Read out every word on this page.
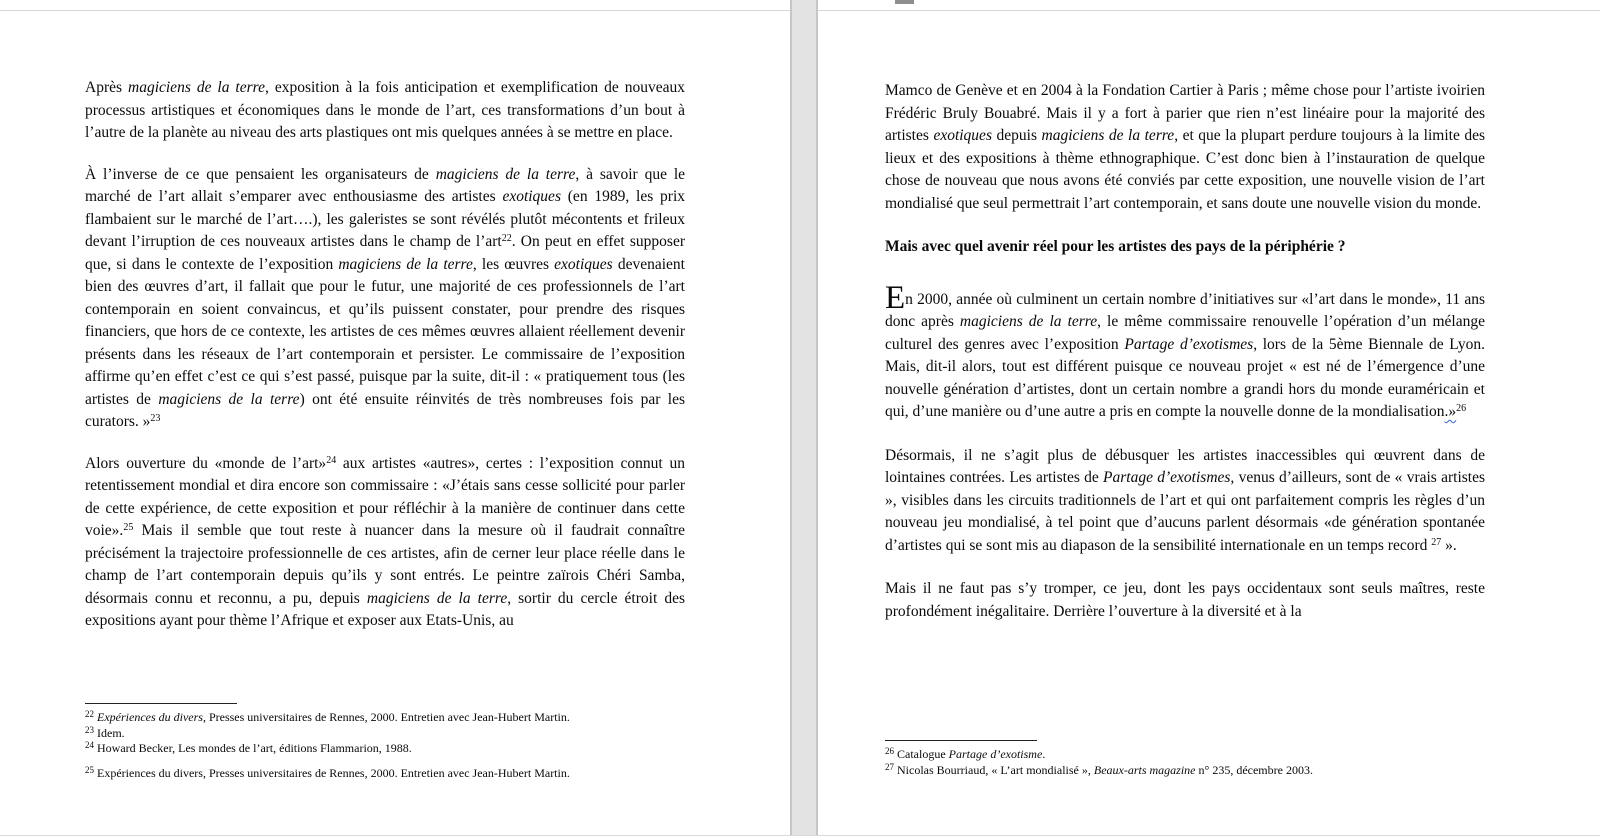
Après magiciens de la terre, exposition à la fois anticipation et exemplification de nouveaux processus artistiques et économiques dans le monde de l’art, ces transformations d’un bout à l’autre de la planète au niveau des arts plastiques ont mis quelques années à se mettre en place.

À l’inverse de ce que pensaient les organisateurs de magiciens de la terre, à savoir que le marché de l’art allait s’emparer avec enthousiasme des artistes exotiques (en 1989, les prix flambaient sur le marché de l’art….), les galeristes se sont révélés plutôt mécontents et frileux devant l’irruption de ces nouveaux artistes dans le champ de l’art$^{22}$. On peut en effet supposer que, si dans le contexte de l’exposition magiciens de la terre, les œuvres exotiques devenaient bien des œuvres d’art, il fallait que pour le futur, une majorité de ces professionnels de l’art contemporain en soient convaincus, et qu’ils puissent constater, pour prendre des risques financiers, que hors de ce contexte, les artistes de ces mêmes œuvres allaient réellement devenir présents dans les réseaux de l’art contemporain et persister. Le commissaire de l’exposition affirme qu’en effet c’est ce qui s’est passé, puisque par la suite, dit-il : « pratiquement tous (les artistes de magiciens de la terre) ont été ensuite réinvités de très nombreuses fois par les curators. »$^{23}$

Alors ouverture du «monde de l’art»$^{24}$ aux artistes «autres», certes : l’exposition connut un retentissement mondial et dira encore son commissaire : «J’étais sans cesse sollicité pour parler de cette expérience, de cette exposition et pour réfléchir à la manière de continuer dans cette voie».$^{25}$ Mais il semble que tout reste à nuancer dans la mesure où il faudrait connaître précisément la trajectoire professionnelle de ces artistes, afin de cerner leur place réelle dans le champ de l’art contemporain depuis qu’ils y sont entrés. Le peintre zaïrois Chéri Samba, désormais connu et reconnu, a pu, depuis magiciens de la terre, sortir du cercle étroit des expositions ayant pour thème l’Afrique et exposer aux Etats-Unis, au

$^{22}$ Expériences du divers, Presses universitaires de Rennes, 2000. Entretien avec Jean-Hubert Martin.

$^{23}$ Idem.

$^{24}$ Howard Becker, Les mondes de l’art, éditions Flammarion, 1988.

$^{25}$ Expériences du divers, Presses universitaires de Rennes, 2000. Entretien avec Jean-Hubert Martin.

Mamco de Genève et en 2004 à la Fondation Cartier à Paris ; même chose pour l’artiste ivoirien Frédéric Bruly Bouabré. Mais il y a fort à parier que rien n’est linéaire pour la majorité des artistes exotiques depuis magiciens de la terre, et que la plupart perdure toujours à la limite des lieux et des expositions à thème ethnographique. C’est donc bien à l’instauration de quelque chose de nouveau que nous avons été conviés par cette exposition, une nouvelle vision de l’art mondialisé que seul permettrait l’art contemporain, et sans doute une nouvelle vision du monde.

Mais avec quel avenir réel pour les artistes des pays de la périphérie ?

En 2000, année où culminent un certain nombre d’initiatives sur «l’art dans le monde», 11 ans donc après magiciens de la terre, le même commissaire renouvelle l’opération d’un mélange culturel des genres avec l’exposition Partage d’exotismes, lors de la 5ème Biennale de Lyon. Mais, dit-il alors, tout est différent puisque ce nouveau projet « est né de l’émergence d’une nouvelle génération d’artistes, dont un certain nombre a grandi hors du monde euraméricain et qui, d’une manière ou d’une autre a pris en compte la nouvelle donne de la mondialisation.»$^{26}$

Désormais, il ne s’agit plus de débusquer les artistes inaccessibles qui œuvrent dans de lointaines contrées. Les artistes de Partage d’exotismes, venus d’ailleurs, sont de « vrais artistes », visibles dans les circuits traditionnels de l’art et qui ont parfaitement compris les règles d’un nouveau jeu mondialisé, à tel point que d’aucuns parlent désormais «de génération spontanée d’artistes qui se sont mis au diapason de la sensibilité internationale en un temps record $^{27}$ ».

Mais il ne faut pas s’y tromper, ce jeu, dont les pays occidentaux sont seuls maîtres, reste profondément inégalitaire. Derrière l’ouverture à la diversité et à la

$^{26}$ Catalogue Partage d’exotisme.

$^{27}$ Nicolas Bourriaud, « L’art mondialisé », Beaux-arts magazine n° 235, décembre 2003.
